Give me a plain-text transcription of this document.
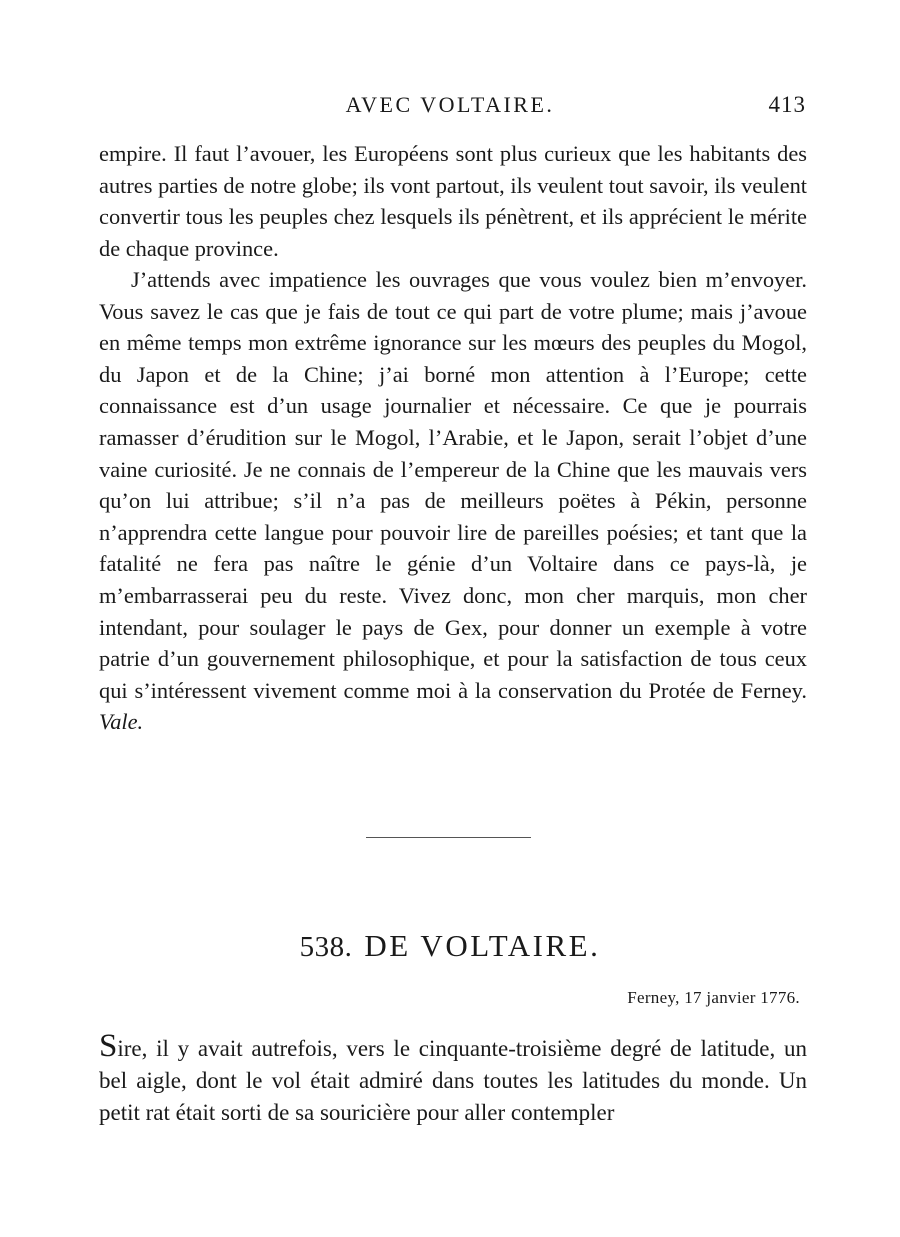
AVEC VOLTAIRE.	413

empire. Il faut l’avouer, les Européens sont plus curieux que les habitants des autres parties de notre globe; ils vont partout, ils veulent tout savoir, ils veulent convertir tous les peuples chez lesquels ils pénètrent, et ils apprécient le mérite de chaque province.

J’attends avec impatience les ouvrages que vous voulez bien m’envoyer. Vous savez le cas que je fais de tout ce qui part de votre plume; mais j’avoue en même temps mon extrême ignorance sur les mœurs des peuples du Mogol, du Japon et de la Chine; j’ai borné mon attention à l’Europe; cette connaissance est d’un usage journalier et nécessaire. Ce que je pourrais ramasser d’érudition sur le Mogol, l’Arabie, et le Japon, serait l’objet d’une vaine curiosité. Je ne connais de l’empereur de la Chine que les mauvais vers qu’on lui attribue; s’il n’a pas de meilleurs poëtes à Pékin, personne n’apprendra cette langue pour pouvoir lire de pareilles poésies; et tant que la fatalité ne fera pas naître le génie d’un Voltaire dans ce pays-là, je m’embarrasserai peu du reste. Vivez donc, mon cher marquis, mon cher intendant, pour soulager le pays de Gex, pour donner un exemple à votre patrie d’un gouvernement philosophique, et pour la satisfaction de tous ceux qui s’intéressent vivement comme moi à la conservation du Protée de Ferney. Vale.

538. DE VOLTAIRE.
Ferney, 17 janvier 1776.

Sire, il y avait autrefois, vers le cinquante-troisième degré de latitude, un bel aigle, dont le vol était admiré dans toutes les latitudes du monde. Un petit rat était sorti de sa souricière pour aller contempler
